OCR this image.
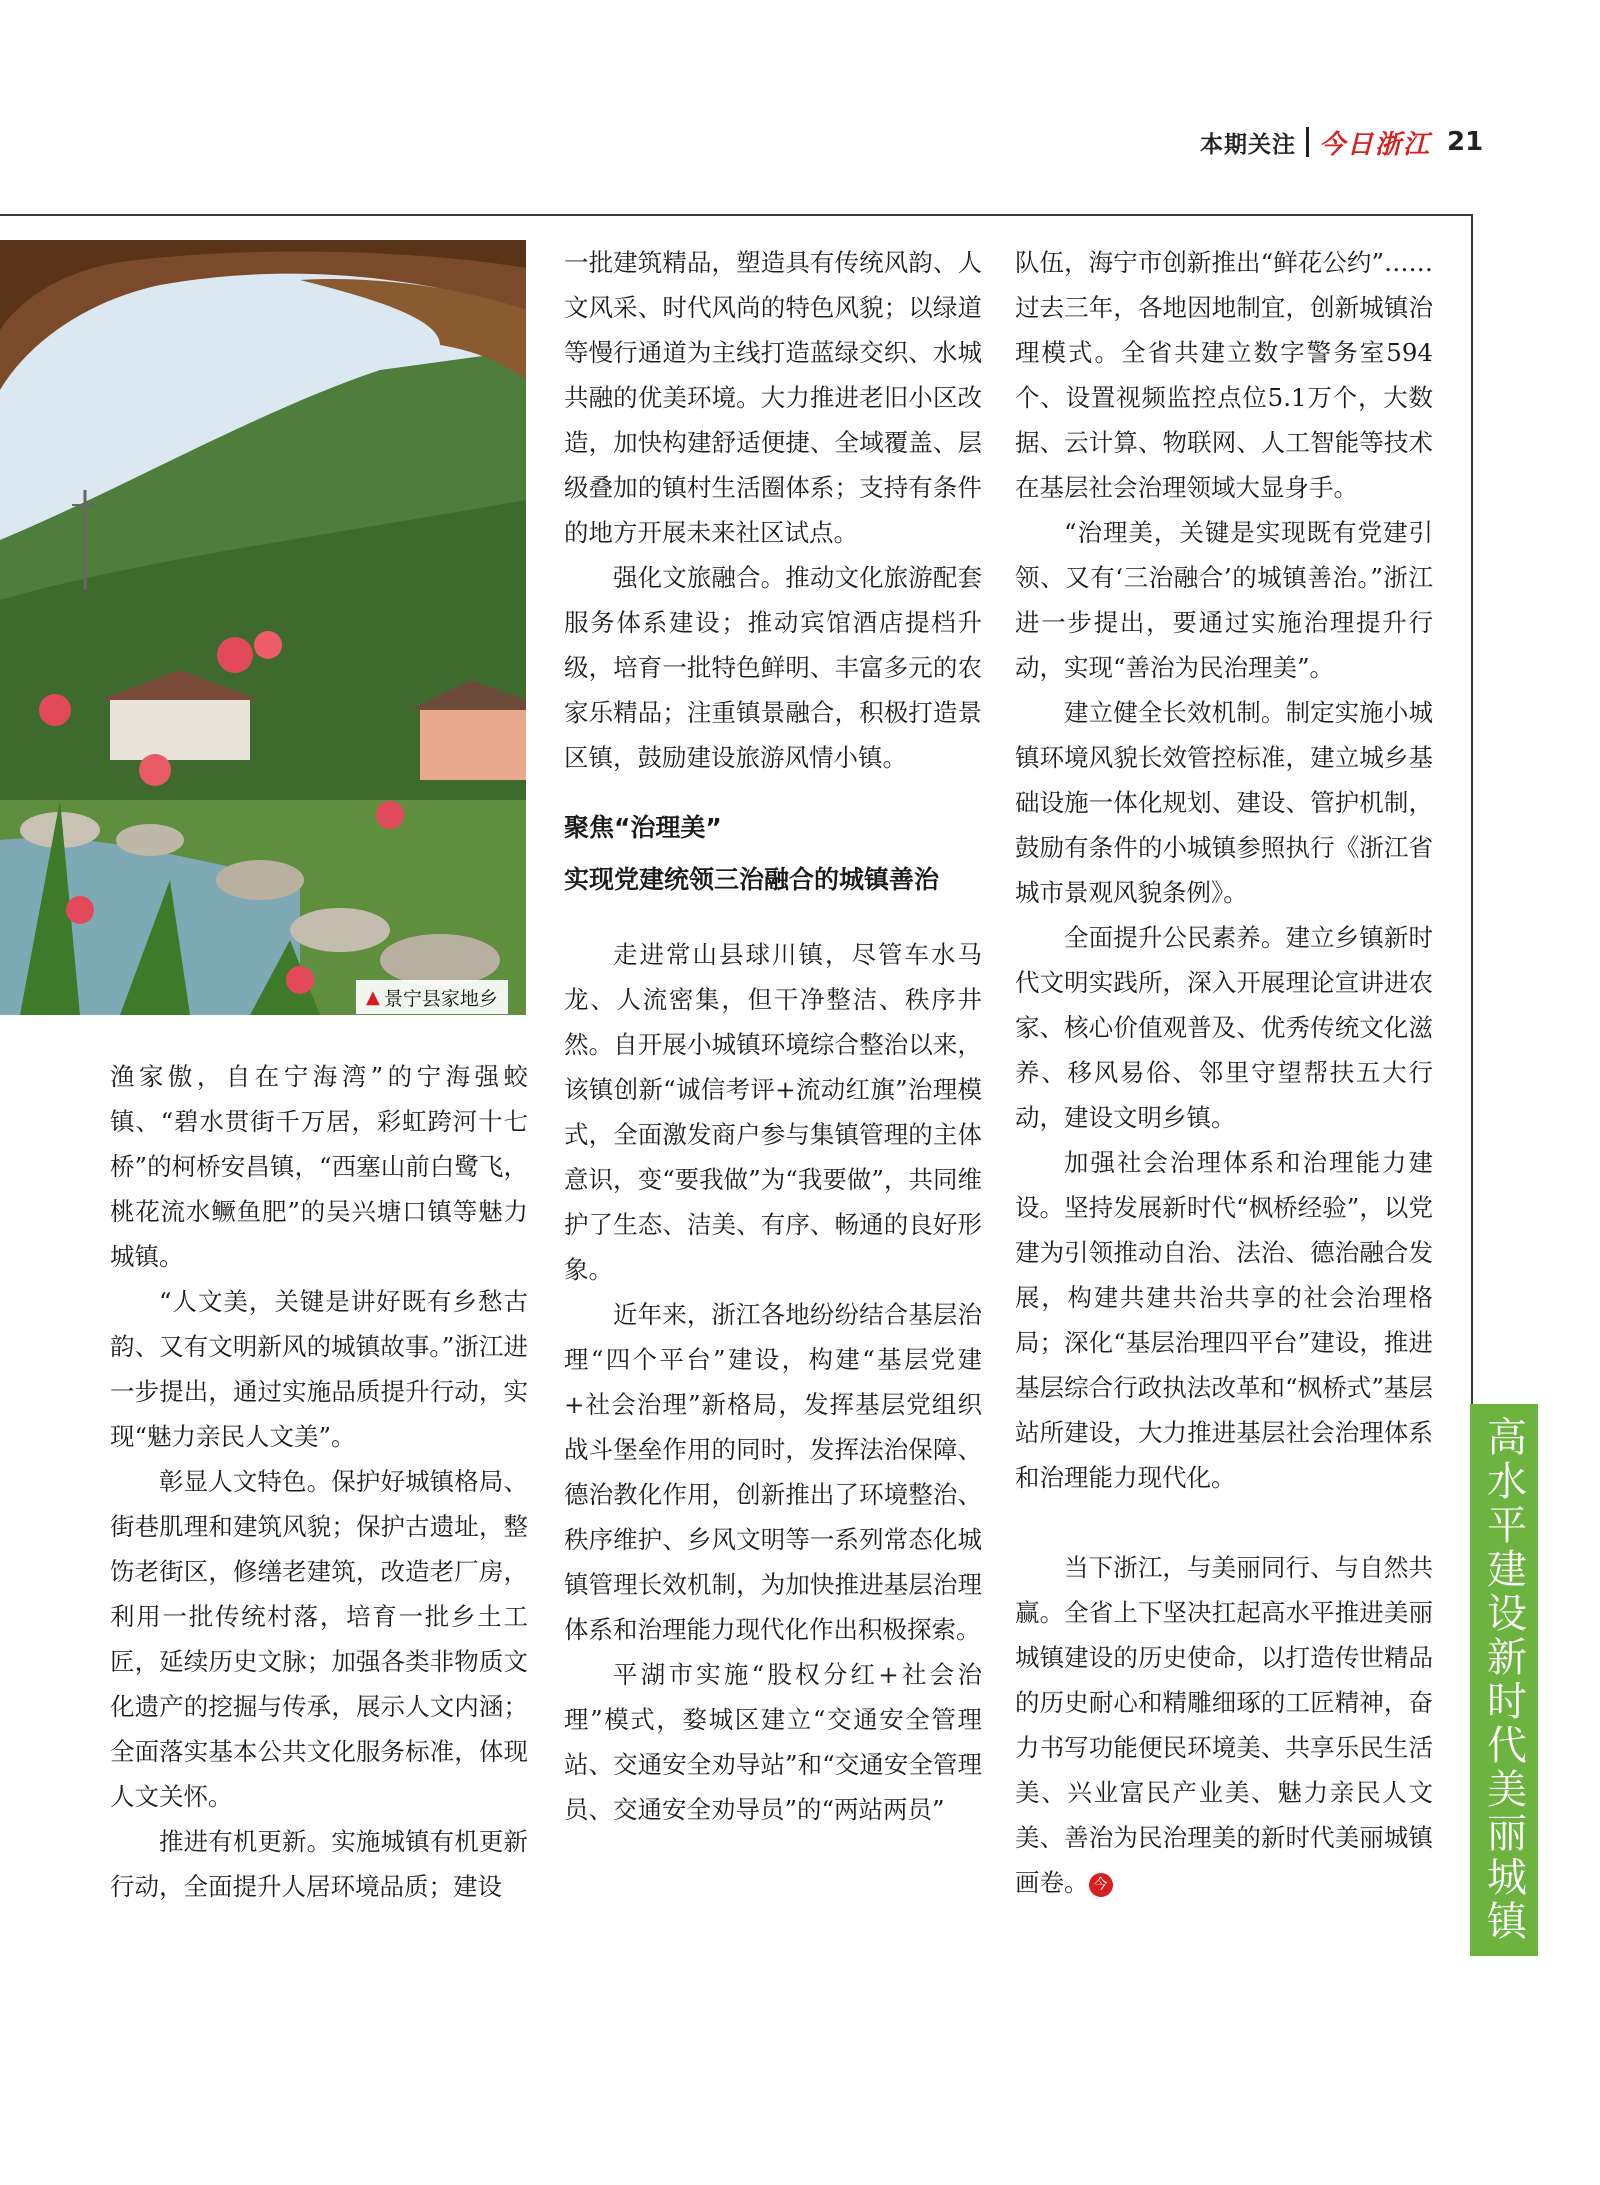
本期关注 今日浙江 21
▲ 景宁县家地乡

渔家傲，自在宁海湾”的宁海强蛟镇、“碧水贯街千万居，彩虹跨河十七桥”的柯桥安昌镇，“西塞山前白鹭飞，桃花流水鳜鱼肥”的吴兴塘口镇等魅力城镇。

“人文美，关键是讲好既有乡愁古韵、又有文明新风的城镇故事。”浙江进一步提出，通过实施品质提升行动，实现“魅力亲民人文美”。

彰显人文特色。保护好城镇格局、街巷肌理和建筑风貌；保护古遗址，整饬老街区，修缮老建筑，改造老厂房，利用一批传统村落，培育一批乡土工匠，延续历史文脉；加强各类非物质文化遗产的挖掘与传承，展示人文内涵；全面落实基本公共文化服务标准，体现人文关怀。

推进有机更新。实施城镇有机更新行动，全面提升人居环境品质；建设

一批建筑精品，塑造具有传统风韵、人文风采、时代风尚的特色风貌；以绿道等慢行通道为主线打造蓝绿交织、水城共融的优美环境。大力推进老旧小区改造，加快构建舒适便捷、全域覆盖、层级叠加的镇村生活圈体系；支持有条件的地方开展未来社区试点。

强化文旅融合。推动文化旅游配套服务体系建设；推动宾馆酒店提档升级，培育一批特色鲜明、丰富多元的农家乐精品；注重镇景融合，积极打造景区镇，鼓励建设旅游风情小镇。

聚焦“治理美”
实现党建统领三治融合的城镇善治

走进常山县球川镇，尽管车水马龙、人流密集，但干净整洁、秩序井然。自开展小城镇环境综合整治以来，该镇创新“诚信考评+流动红旗”治理模式，全面激发商户参与集镇管理的主体意识，变“要我做”为“我要做”，共同维护了生态、洁美、有序、畅通的良好形象。

近年来，浙江各地纷纷结合基层治理“四个平台”建设，构建“基层党建+社会治理”新格局，发挥基层党组织战斗堡垒作用的同时，发挥法治保障、德治教化作用，创新推出了环境整治、秩序维护、乡风文明等一系列常态化城镇管理长效机制，为加快推进基层治理体系和治理能力现代化作出积极探索。

平湖市实施“股权分红+社会治理”模式，婺城区建立“交通安全管理站、交通安全劝导站”和“交通安全管理员、交通安全劝导员”的“两站两员”

队伍，海宁市创新推出“鲜花公约”……过去三年，各地因地制宜，创新城镇治理模式。全省共建立数字警务室594个、设置视频监控点位5.1万个，大数据、云计算、物联网、人工智能等技术在基层社会治理领域大显身手。

“治理美，关键是实现既有党建引领、又有‘三治融合’的城镇善治。”浙江进一步提出，要通过实施治理提升行动，实现“善治为民治理美”。

建立健全长效机制。制定实施小城镇环境风貌长效管控标准，建立城乡基础设施一体化规划、建设、管护机制，鼓励有条件的小城镇参照执行《浙江省城市景观风貌条例》。

全面提升公民素养。建立乡镇新时代文明实践所，深入开展理论宣讲进农家、核心价值观普及、优秀传统文化滋养、移风易俗、邻里守望帮扶五大行动，建设文明乡镇。

加强社会治理体系和治理能力建设。坚持发展新时代“枫桥经验”，以党建为引领推动自治、法治、德治融合发展，构建共建共治共享的社会治理格局；深化“基层治理四平台”建设，推进基层综合行政执法改革和“枫桥式”基层站所建设，大力推进基层社会治理体系和治理能力现代化。

当下浙江，与美丽同行、与自然共赢。全省上下坚决扛起高水平推进美丽城镇建设的历史使命，以打造传世精品的历史耐心和精雕细琢的工匠精神，奋力书写功能便民环境美、共享乐民生活美、兴业富民产业美、魅力亲民人文美、善治为民治理美的新时代美丽城镇画卷。 今	高水平建设新时代美丽城镇
